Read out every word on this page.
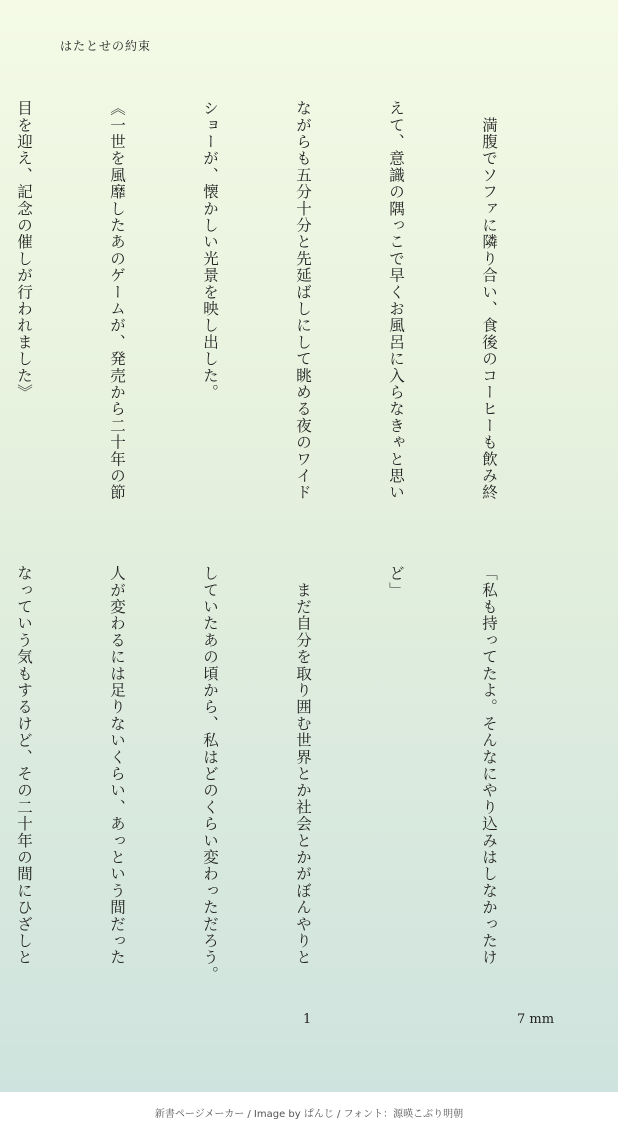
はたとせの約束

　満腹でソファに隣り合い、食後のコーヒーも飲み終

えて、意識の隅っこで早くお風呂に入らなきゃと思い

ながらも五分十分と先延ばしにして眺める夜のワイド

ショーが、懐かしい光景を映し出した。

《一世を風靡したあのゲームが、発売から二十年の節

目を迎え、記念の催しが行われました》

「私も持ってたよ。そんなにやり込みはしなかったけ

ど」

　まだ自分を取り囲む世界とか社会とかがぼんやりと

していたあの頃から、私はどのくらい変わっただろう。

人が変わるには足りないくらい、あっという間だった

なっていう気もするけど、その二十年の間にひざしと

1	7 mm
新書ページメーカー / Image by ぱんじ / フォント：源暎こぶり明朝
